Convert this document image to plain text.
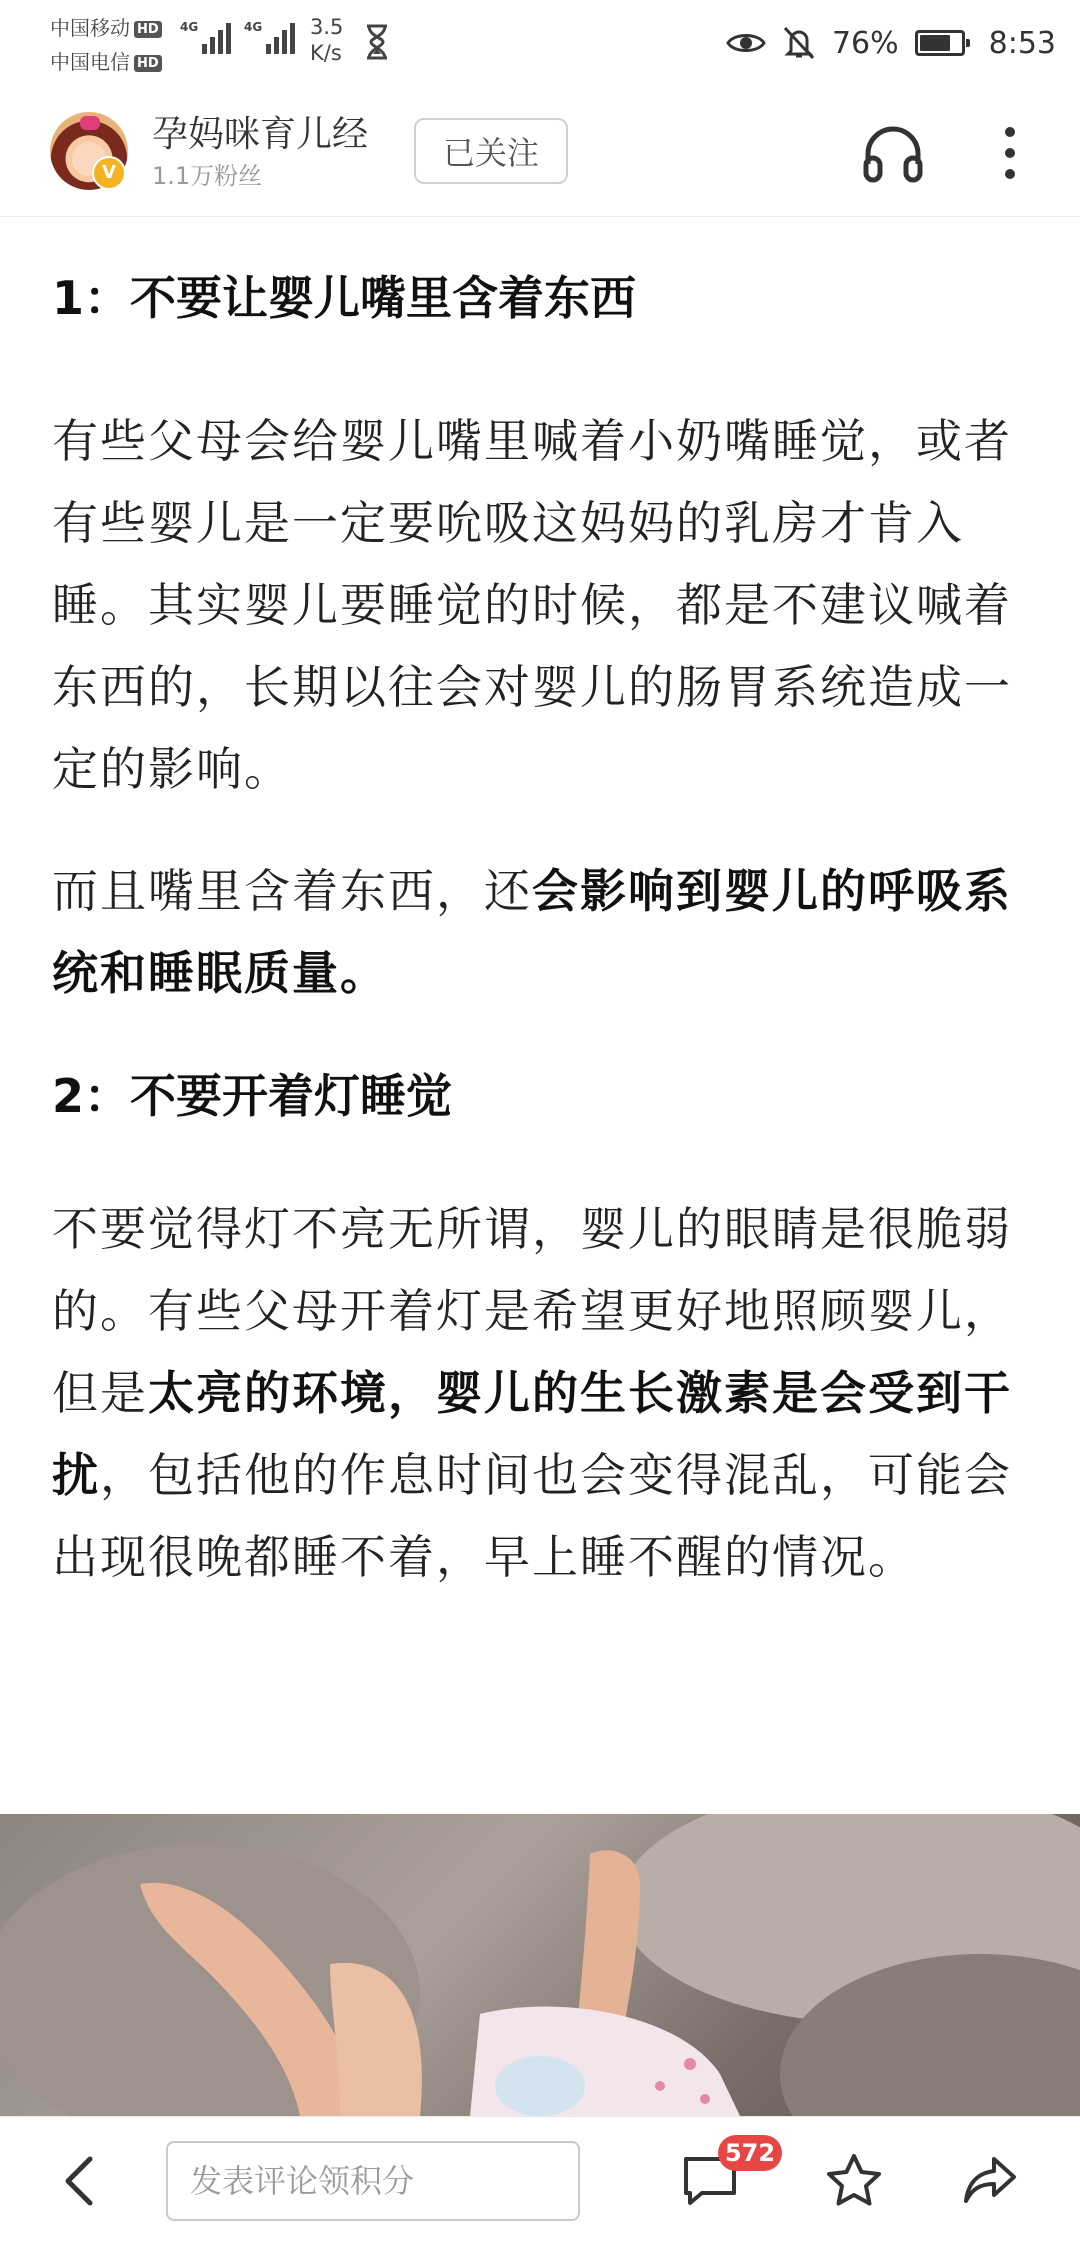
中国移动 HD
中国电信 HD
4G	4G 3.5
K/s	76%	8:53
V
孕妈咪育儿经
1.1万粉丝
已关注

1：不要让婴儿嘴里含着东西

有些父母会给婴儿嘴里喊着小奶嘴睡觉，或者有些婴儿是一定要吮吸这妈妈的乳房才肯入睡。其实婴儿要睡觉的时候，都是不建议喊着东西的，长期以往会对婴儿的肠胃系统造成一定的影响。

而且嘴里含着东西，还会影响到婴儿的呼吸系统和睡眠质量。

2：不要开着灯睡觉

不要觉得灯不亮无所谓，婴儿的眼睛是很脆弱的。有些父母开着灯是希望更好地照顾婴儿，但是太亮的环境，婴儿的生长激素是会受到干扰，包括他的作息时间也会变得混乱，可能会出现很晚都睡不着，早上睡不醒的情况。

发表评论领积分
572
